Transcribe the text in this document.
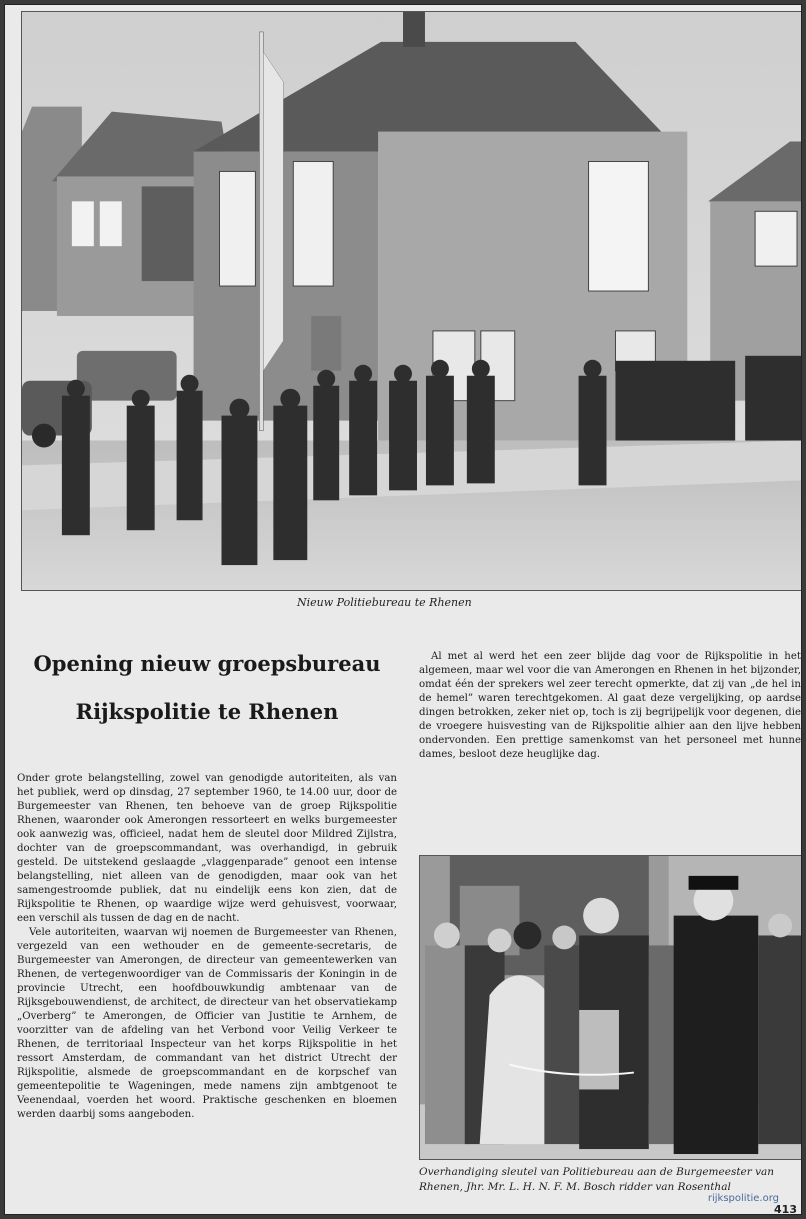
Nieuw Politiebureau te Rhenen
Opening nieuw groepsbureau
Rijkspolitie te Rhenen

Onder grote belangstelling, zowel van genodigde autoriteiten, als van het publiek, werd op dinsdag, 27 september 1960, te 14.00 uur, door de Burgemeester van Rhenen, ten behoeve van de groep Rijkspolitie Rhenen, waaronder ook Amerongen ressorteert en welks burgemeester ook aanwezig was, officieel, nadat hem de sleutel door Mildred Zijlstra, dochter van de groepscommandant, was overhandigd, in gebruik gesteld. De uitstekend geslaagde „vlaggenparade” genoot een intense belangstelling, niet alleen van de genodigden, maar ook van het samengestroomde publiek, dat nu eindelijk eens kon zien, dat de Rijkspolitie te Rhenen, op waardige wijze werd gehuisvest, voorwaar, een verschil als tussen de dag en de nacht.

Vele autoriteiten, waarvan wij noemen de Burgemeester van Rhenen, vergezeld van een wethouder en de gemeente-secretaris, de Burgemeester van Amerongen, de directeur van gemeentewerken van Rhenen, de vertegenwoordiger van de Commissaris der Koningin in de provincie Utrecht, een hoofdbouwkundig ambtenaar van de Rijksgebouwendienst, de architect, de directeur van het observatiekamp „Overberg” te Amerongen, de Officier van Justitie te Arnhem, de voorzitter van de afdeling van het Verbond voor Veilig Verkeer te Rhenen, de territoriaal Inspecteur van het korps Rijkspolitie in het ressort Amsterdam, de commandant van het district Utrecht der Rijkspolitie, alsmede de groepscommandant en de korpschef van gemeentepolitie te Wageningen, mede namens zijn ambtgenoot te Veenendaal, voerden het woord. Praktische geschenken en bloemen werden daarbij soms aangeboden.

Al met al werd het een zeer blijde dag voor de Rijkspolitie in het algemeen, maar wel voor die van Amerongen en Rhenen in het bijzonder, omdat één der sprekers wel zeer terecht opmerkte, dat zij van „de hel in de hemel” waren terechtgekomen. Al gaat deze vergelijking, op aardse dingen betrokken, zeker niet op, toch is zij begrijpelijk voor degenen, die de vroegere huisvesting van de Rijkspolitie alhier aan den lijve hebben ondervonden. Een prettige samenkomst van het personeel met hunne dames, besloot deze heuglijke dag.

Overhandiging sleutel van Politiebureau aan de Burgemeester van Rhenen, Jhr. Mr. L. H. N. F. M. Bosch ridder van Rosenthal
rijkspolitie.org
413
